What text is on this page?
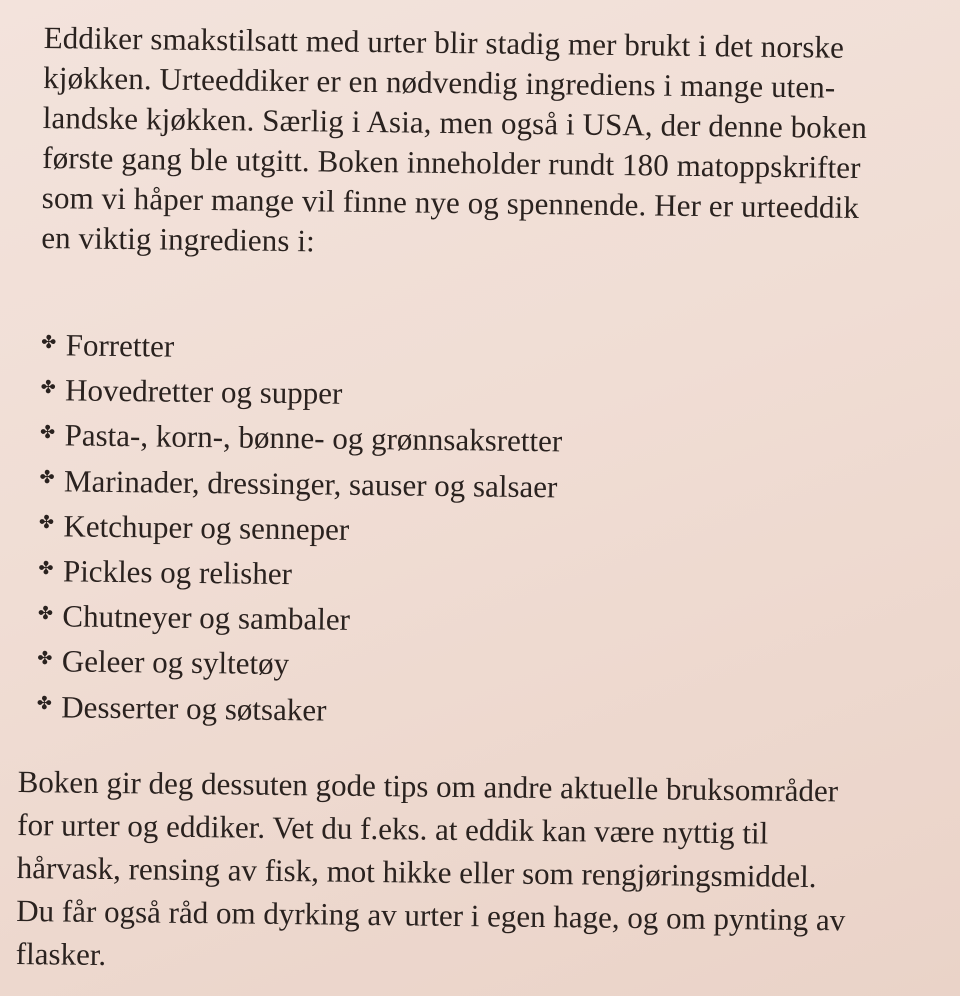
Eddiker smakstilsatt med urter blir stadig mer brukt i det norske
kjøkken. Urteeddiker er en nødvendig ingrediens i mange uten-
landske kjøkken. Særlig i Asia, men også i USA, der denne boken
første gang ble utgitt. Boken inneholder rundt 180 matoppskrifter
som vi håper mange vil finne nye og spennende. Her er urteeddik
en viktig ingrediens i:
✤ Forretter
✤ Hovedretter og supper
✤ Pasta-, korn-, bønne- og grønnsaksretter
✤ Marinader, dressinger, sauser og salsaer
✤ Ketchuper og senneper
✤ Pickles og relisher
✤ Chutneyer og sambaler
✤ Geleer og syltetøy
✤ Desserter og søtsaker
Boken gir deg dessuten gode tips om andre aktuelle bruksområder
for urter og eddiker. Vet du f.eks. at eddik kan være nyttig til
hårvask, rensing av fisk, mot hikke eller som rengjøringsmiddel.
Du får også råd om dyrking av urter i egen hage, og om pynting av
flasker.
